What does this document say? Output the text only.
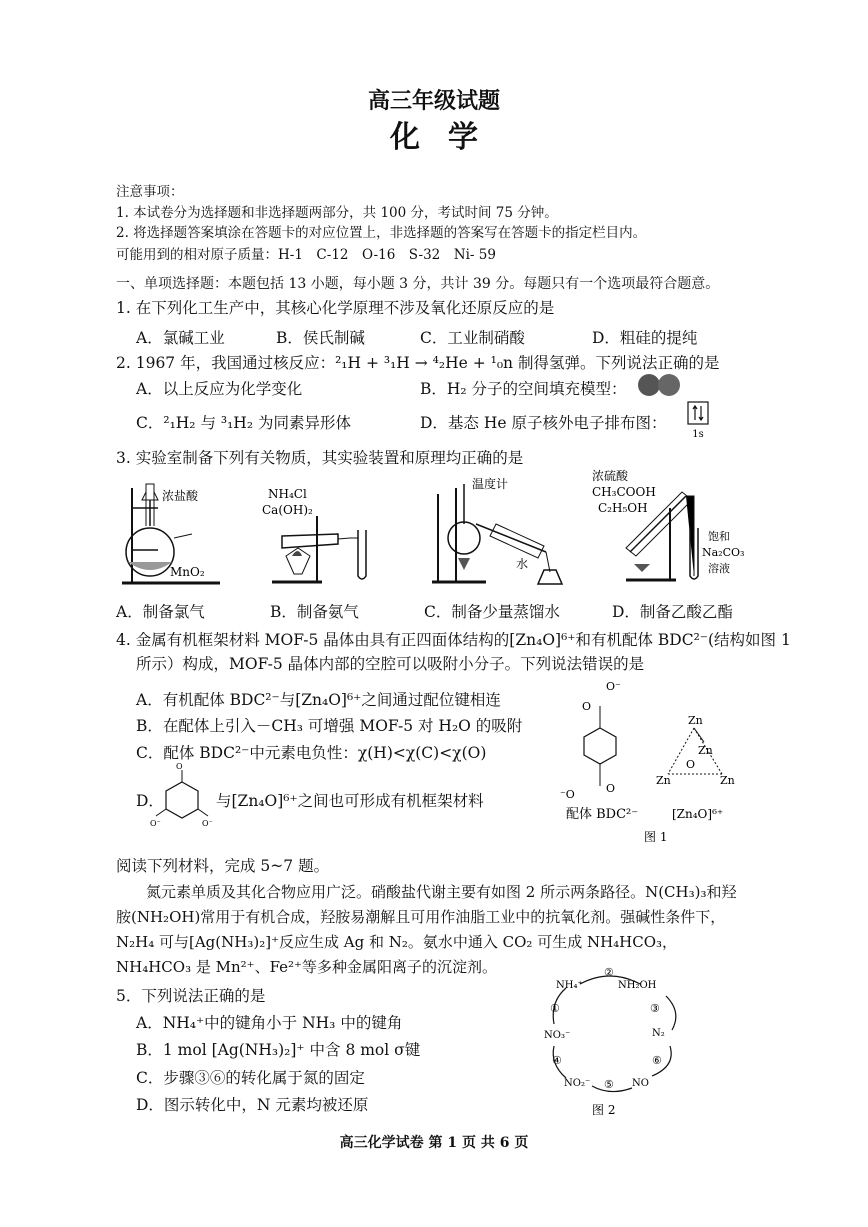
高三年级试题
化学
注意事项：
1. 本试卷分为选择题和非选择题两部分，共 100 分，考试时间 75 分钟。
2. 将选择题答案填涂在答题卡的对应位置上，非选择题的答案写在答题卡的指定栏目内。
可能用到的相对原子质量：H-1　C-12　O-16　S-32　Ni- 59
一、单项选择题：本题包括 13 小题，每小题 3 分，共计 39 分。每题只有一个选项最符合题意。
1. 在下列化工生产中，其核心化学原理不涉及氧化还原反应的是
A．氯碱工业	B．侯氏制碱	C．工业制硝酸	D．粗硅的提纯
2. 1967 年，我国通过核反应：²₁H + ³₁H → ⁴₂He + ¹₀n 制得氢弹。下列说法正确的是
A．以上反应为化学变化	B．H₂ 分子的空间填充模型：
C．²₁H₂ 与 ³₁H₂ 为同素异形体	D．基态 He 原子核外电子排布图：
1s
3. 实验室制备下列有关物质，其实验装置和原理均正确的是
浓盐酸
MnO₂
NH₄Cl
Ca(OH)₂
温度计
水
浓硫酸
CH₃COOH
C₂H₅OH
饱和
Na₂CO₃
溶液
A．制备氯气	B．制备氨气	C．制备少量蒸馏水	D．制备乙酸乙酯
4. 金属有机框架材料 MOF-5 晶体由具有正四面体结构的[Zn₄O]⁶⁺和有机配体 BDC²⁻(结构如图 1
所示）构成，MOF-5 晶体内部的空腔可以吸附小分子。下列说法错误的是
A．有机配体 BDC²⁻与[Zn₄O]⁶⁺之间通过配位键相连
B．在配体上引入－CH₃ 可增强 MOF-5 对 H₂O 的吸附
C．配体 BDC²⁻中元素电负性：χ(H)<χ(C)<χ(O)
D．
O
O⁻	O⁻
与[Zn₄O]⁶⁺之间也可形成有机框架材料
O⁻
O
⁻O	O
配体 BDC²⁻
Zn
Zn
Zn	Zn
O
[Zn₄O]⁶⁺
图 1
阅读下列材料，完成 5~7 题。
氮元素单质及其化合物应用广泛。硝酸盐代谢主要有如图 2 所示两条路径。N(CH₃)₃和羟胺(NH₂OH)常用于有机合成，羟胺易潮解且可用作油脂工业中的抗氧化剂。强碱性条件下，N₂H₄ 可与[Ag(NH₃)₂]⁺反应生成 Ag 和 N₂。氨水中通入 CO₂ 可生成 NH₄HCO₃，NH₄HCO₃ 是 Mn²⁺、Fe²⁺等多种金属阳离子的沉淀剂。
5．下列说法正确的是
A．NH₄⁺中的键角小于 NH₃ 中的键角
B．1 mol [Ag(NH₃)₂]⁺ 中含 8 mol σ键
C．步骤③⑥的转化属于氮的固定
D．图示转化中，N 元素均被还原
NH₄⁺	NH₂OH
N₂
NO
NO₂⁻
NO₃⁻
①
②
③
④
⑤
⑥
图 2
高三化学试卷 第 1 页 共 6 页
